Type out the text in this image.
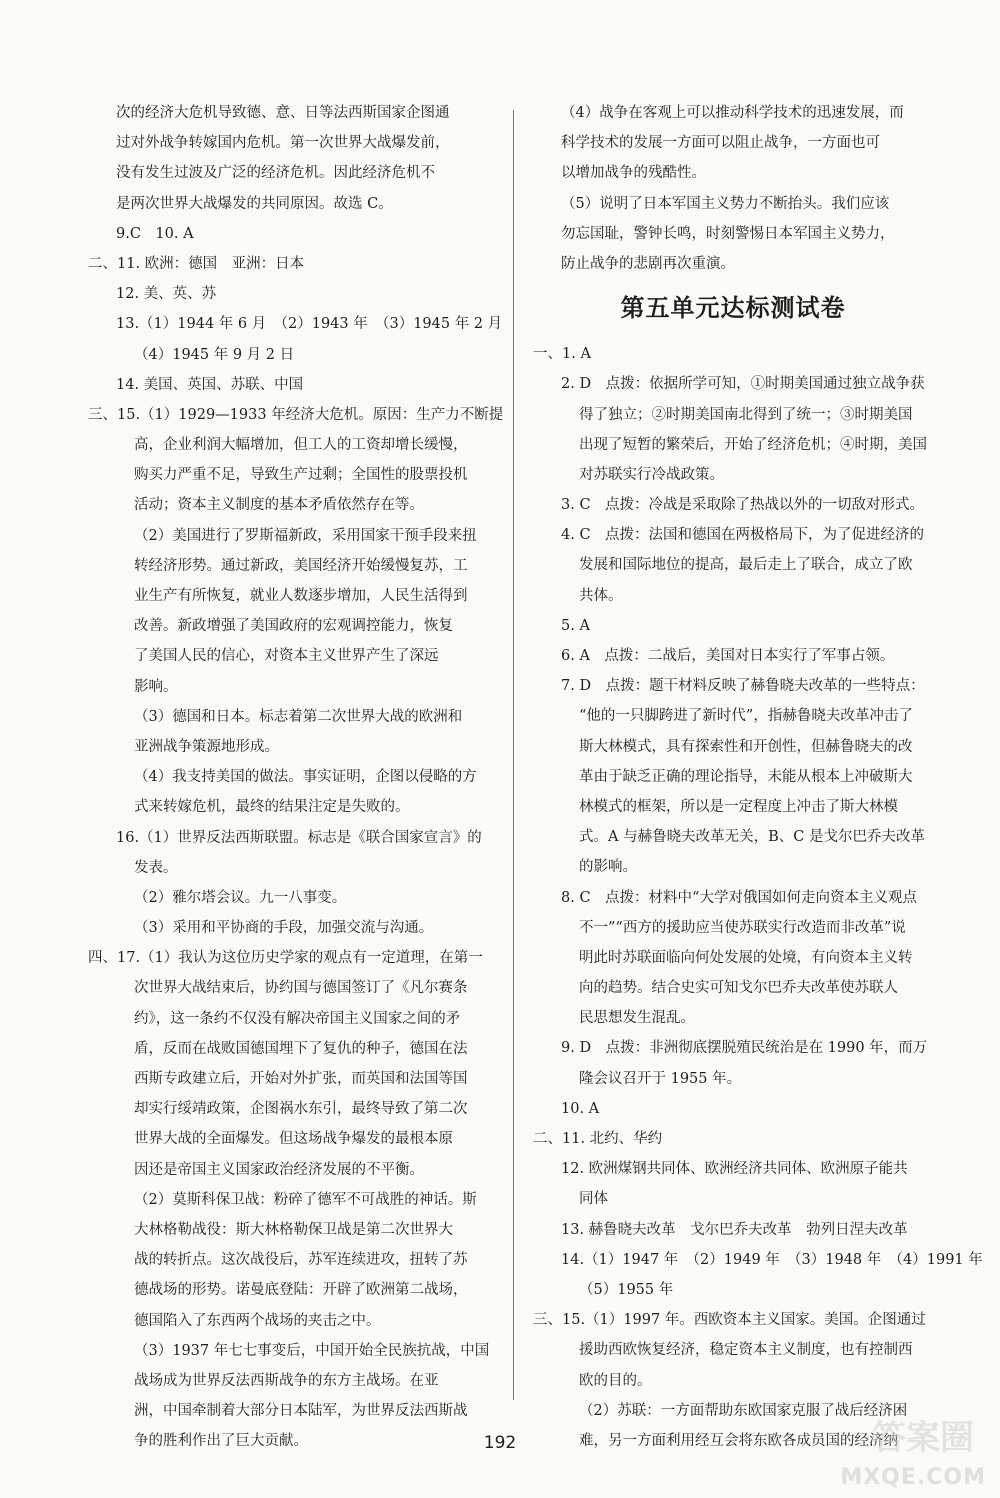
次的经济大危机导致德、意、日等法西斯国家企图通
过对外战争转嫁国内危机。第一次世界大战爆发前，
没有发生过波及广泛的经济危机。因此经济危机不
是两次世界大战爆发的共同原因。故选 C。
9.C　10. A
二、11. 欧洲：德国　亚洲：日本
12. 美、英、苏
13.（1）1944 年 6 月　（2）1943 年　（3）1945 年 2 月
（4）1945 年 9 月 2 日
14. 美国、英国、苏联、中国
三、15.（1）1929—1933 年经济大危机。原因：生产力不断提
高，企业利润大幅增加，但工人的工资却增长缓慢，
购买力严重不足，导致生产过剩；全国性的股票投机
活动；资本主义制度的基本矛盾依然存在等。
（2）美国进行了罗斯福新政，采用国家干预手段来扭
转经济形势。通过新政，美国经济开始缓慢复苏，工
业生产有所恢复，就业人数逐步增加，人民生活得到
改善。新政增强了美国政府的宏观调控能力，恢复
了美国人民的信心，对资本主义世界产生了深远
影响。
（3）德国和日本。标志着第二次世界大战的欧洲和
亚洲战争策源地形成。
（4）我支持美国的做法。事实证明，企图以侵略的方
式来转嫁危机，最终的结果注定是失败的。
16.（1）世界反法西斯联盟。标志是《联合国家宣言》的
发表。
（2）雅尔塔会议。九一八事变。
（3）采用和平协商的手段，加强交流与沟通。
四、17.（1）我认为这位历史学家的观点有一定道理，在第一
次世界大战结束后，协约国与德国签订了《凡尔赛条
约》，这一条约不仅没有解决帝国主义国家之间的矛
盾，反而在战败国德国埋下了复仇的种子，德国在法
西斯专政建立后，开始对外扩张，而英国和法国等国
却实行绥靖政策，企图祸水东引，最终导致了第二次
世界大战的全面爆发。但这场战争爆发的最根本原
因还是帝国主义国家政治经济发展的不平衡。
（2）莫斯科保卫战：粉碎了德军不可战胜的神话。斯
大林格勒战役：斯大林格勒保卫战是第二次世界大
战的转折点。这次战役后，苏军连续进攻，扭转了苏
德战场的形势。诺曼底登陆：开辟了欧洲第二战场，
德国陷入了东西两个战场的夹击之中。
（3）1937 年七七事变后，中国开始全民族抗战，中国
战场成为世界反法西斯战争的东方主战场。在亚
洲，中国牵制着大部分日本陆军，为世界反法西斯战
争的胜利作出了巨大贡献。
（4）战争在客观上可以推动科学技术的迅速发展，而
科学技术的发展一方面可以阻止战争，一方面也可
以增加战争的残酷性。
（5）说明了日本军国主义势力不断抬头。我们应该
勿忘国耻，警钟长鸣，时刻警惕日本军国主义势力，
防止战争的悲剧再次重演。
第五单元达标测试卷
一、1. A
2. D　点拨：依据所学可知，①时期美国通过独立战争获
得了独立；②时期美国南北得到了统一；③时期美国
出现了短暂的繁荣后，开始了经济危机；④时期，美国
对苏联实行冷战政策。
3. C　点拨：冷战是采取除了热战以外的一切敌对形式。
4. C　点拨：法国和德国在两极格局下，为了促进经济的
发展和国际地位的提高，最后走上了联合，成立了欧
共体。
5. A
6. A　点拨：二战后，美国对日本实行了军事占领。
7. D　点拨：题干材料反映了赫鲁晓夫改革的一些特点：
“他的一只脚跨进了新时代”，指赫鲁晓夫改革冲击了
斯大林模式，具有探索性和开创性，但赫鲁晓夫的改
革由于缺乏正确的理论指导，未能从根本上冲破斯大
林模式的框架，所以是一定程度上冲击了斯大林模
式。A 与赫鲁晓夫改革无关，B、C 是戈尔巴乔夫改革
的影响。
8. C　点拨：材料中“大学对俄国如何走向资本主义观点
不一”“西方的援助应当使苏联实行改造而非改革”说
明此时苏联面临向何处发展的处境，有向资本主义转
向的趋势。结合史实可知戈尔巴乔夫改革使苏联人
民思想发生混乱。
9. D　点拨：非洲彻底摆脱殖民统治是在 1990 年，而万
隆会议召开于 1955 年。
10. A
二、11. 北约、华约
12. 欧洲煤钢共同体、欧洲经济共同体、欧洲原子能共
同体
13. 赫鲁晓夫改革　戈尔巴乔夫改革　勃列日涅夫改革
14.（1）1947 年　（2）1949 年　（3）1948 年　（4）1991 年
（5）1955 年
三、15.（1）1997 年。西欧资本主义国家。美国。企图通过
援助西欧恢复经济，稳定资本主义制度，也有控制西
欧的目的。
（2）苏联：一方面帮助东欧国家克服了战后经济困
难，另一方面利用经互会将东欧各成员国的经济纳
192	答案圈
MXQE.COM
